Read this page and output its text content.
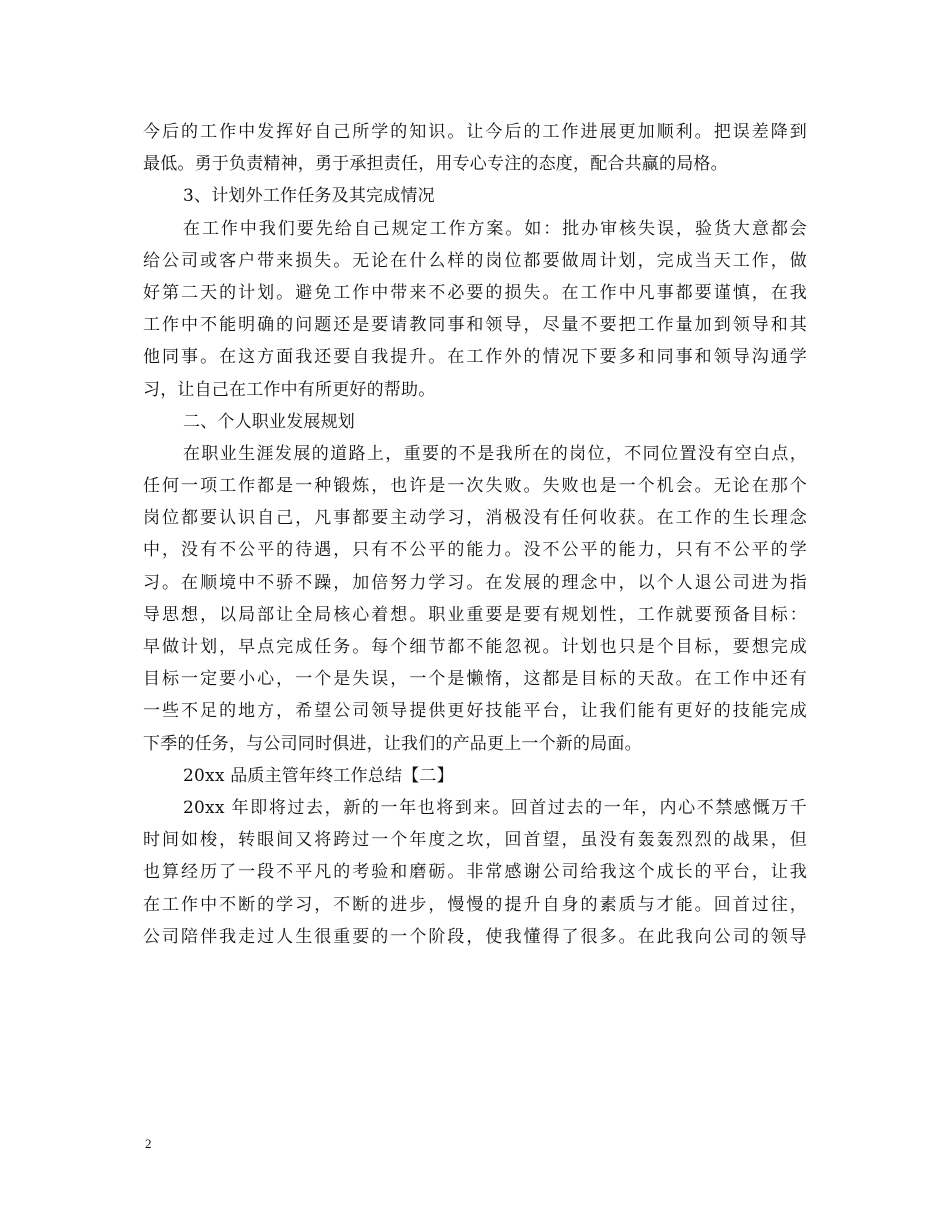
今后的工作中发挥好自己所学的知识。让今后的工作进展更加顺利。把误差降到
最低。勇于负责精神，勇于承担责任，用专心专注的态度，配合共赢的局格。
3、计划外工作任务及其完成情况
在工作中我们要先给自己规定工作方案。如：批办审核失误，验货大意都会
给公司或客户带来损失。无论在什么样的岗位都要做周计划，完成当天工作，做
好第二天的计划。避免工作中带来不必要的损失。在工作中凡事都要谨慎，在我
工作中不能明确的问题还是要请教同事和领导，尽量不要把工作量加到领导和其
他同事。在这方面我还要自我提升。在工作外的情况下要多和同事和领导沟通学
习，让自己在工作中有所更好的帮助。
二、个人职业发展规划
在职业生涯发展的道路上，重要的不是我所在的岗位，不同位置没有空白点，
任何一项工作都是一种锻炼，也许是一次失败。失败也是一个机会。无论在那个
岗位都要认识自己，凡事都要主动学习，消极没有任何收获。在工作的生长理念
中，没有不公平的待遇，只有不公平的能力。没不公平的能力，只有不公平的学
习。在顺境中不骄不躁，加倍努力学习。在发展的理念中，以个人退公司进为指
导思想，以局部让全局核心着想。职业重要是要有规划性，工作就要预备目标：
早做计划，早点完成任务。每个细节都不能忽视。计划也只是个目标，要想完成
目标一定要小心，一个是失误，一个是懒惰，这都是目标的天敌。在工作中还有
一些不足的地方，希望公司领导提供更好技能平台，让我们能有更好的技能完成
下季的任务，与公司同时俱进，让我们的产品更上一个新的局面。
20xx 品质主管年终工作总结【二】
20xx 年即将过去，新的一年也将到来。回首过去的一年，内心不禁感慨万千
时间如梭，转眼间又将跨过一个年度之坎，回首望，虽没有轰轰烈烈的战果，但
也算经历了一段不平凡的考验和磨砺。非常感谢公司给我这个成长的平台，让我
在工作中不断的学习，不断的进步，慢慢的提升自身的素质与才能。回首过往，
公司陪伴我走过人生很重要的一个阶段，使我懂得了很多。在此我向公司的领导
2
